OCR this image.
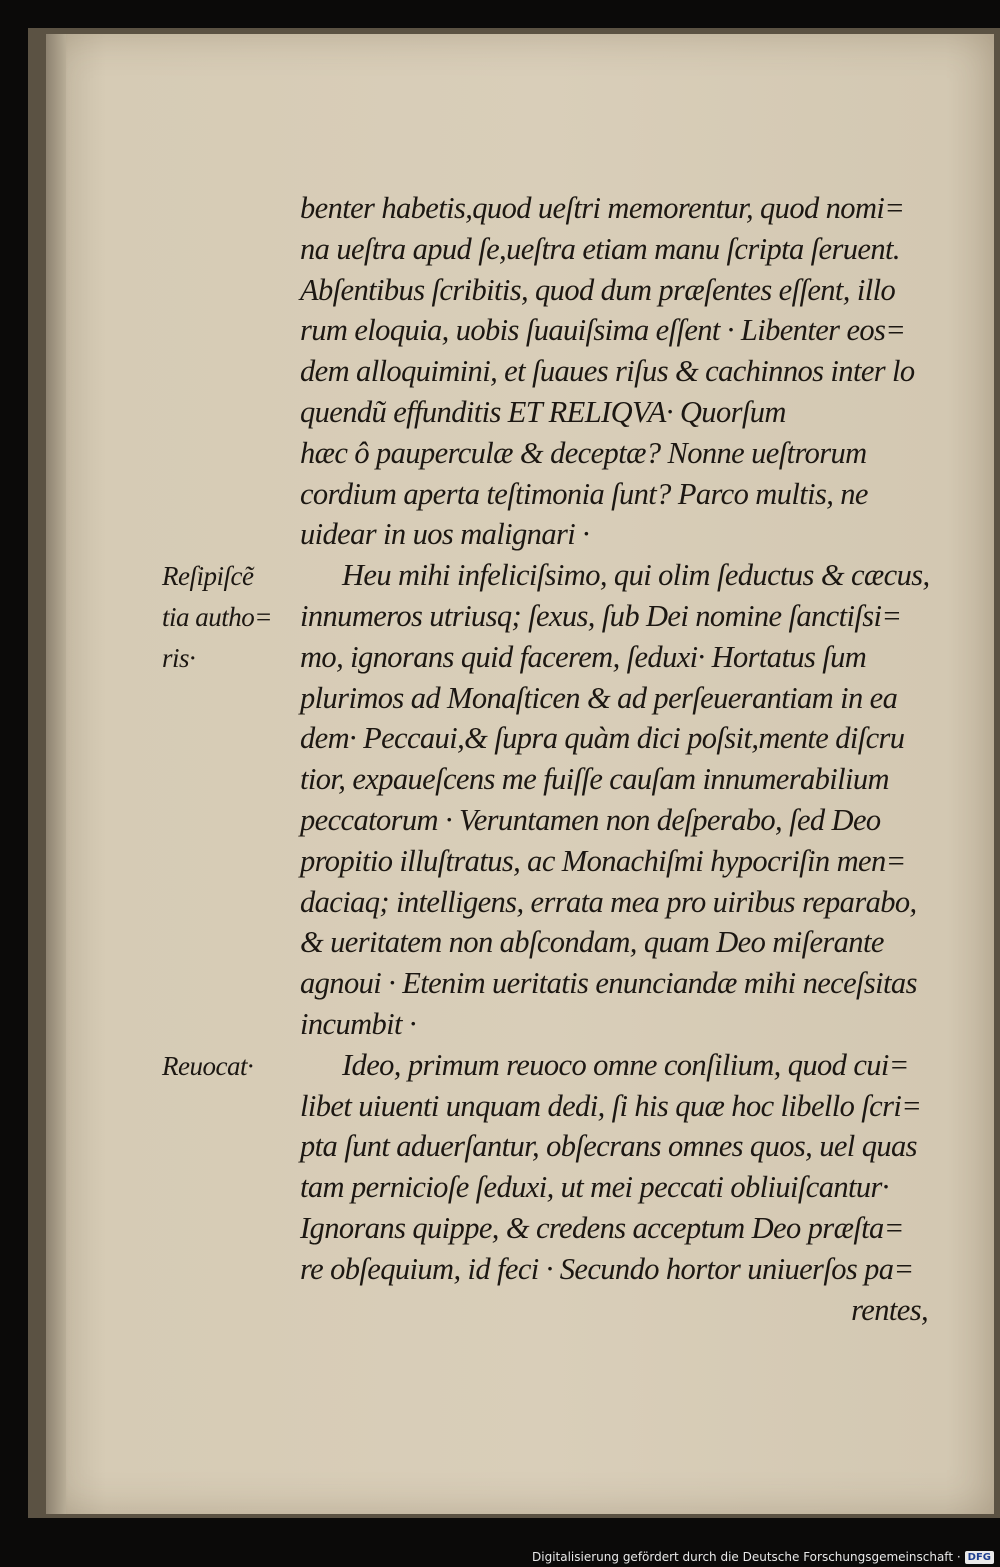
benter habetis,quod ueſtri memorentur, quod nomi=
na ueſtra apud ſe,ueſtra etiam manu ſcripta ſeruent.
Abſentibus ſcribitis, quod dum præſentes eſſent, illo
rum eloquia, uobis ſuauiſsima eſſent · Libenter eos=
dem alloquimini, et ſuaues riſus & cachinnos inter lo
quendũ effunditis ET RELIQVA· Quorſum
hæc ô pauperculæ & deceptæ? Nonne ueſtrorum
cordium aperta teſtimonia ſunt? Parco multis, ne
uidear in uos malignari ·
Heu mihi infeliciſsimo, qui olim ſeductus & cæcus,
innumeros utriusq; ſexus, ſub Dei nomine ſanctiſsi=
mo, ignorans quid facerem, ſeduxi· Hortatus ſum
plurimos ad Monaſticen & ad perſeuerantiam in ea
dem· Peccaui,& ſupra quàm dici poſsit,mente diſcru
tior, expaueſcens me fuiſſe cauſam innumerabilium
peccatorum · Veruntamen non deſperabo, ſed Deo
propitio illuſtratus, ac Monachiſmi hypocriſin men=
daciaq; intelligens, errata mea pro uiribus reparabo,
& ueritatem non abſcondam, quam Deo miſerante
agnoui · Etenim ueritatis enunciandæ mihi neceſsitas
incumbit ·
Ideo, primum reuoco omne conſilium, quod cui=
libet uiuenti unquam dedi, ſi his quæ hoc libello ſcri=
pta ſunt aduerſantur, obſecrans omnes quos, uel quas
tam pernicioſe ſeduxi, ut mei peccati obliuiſcantur·
Ignorans quippe, & credens acceptum Deo præſta=
re obſequium, id feci · Secundo hortor uniuerſos pa=
rentes,
Reſipiſcẽ
tia autho=
ris·
Reuocat·
Digitalisierung gefördert durch die Deutsche Forschungsgemeinschaft · DFG
